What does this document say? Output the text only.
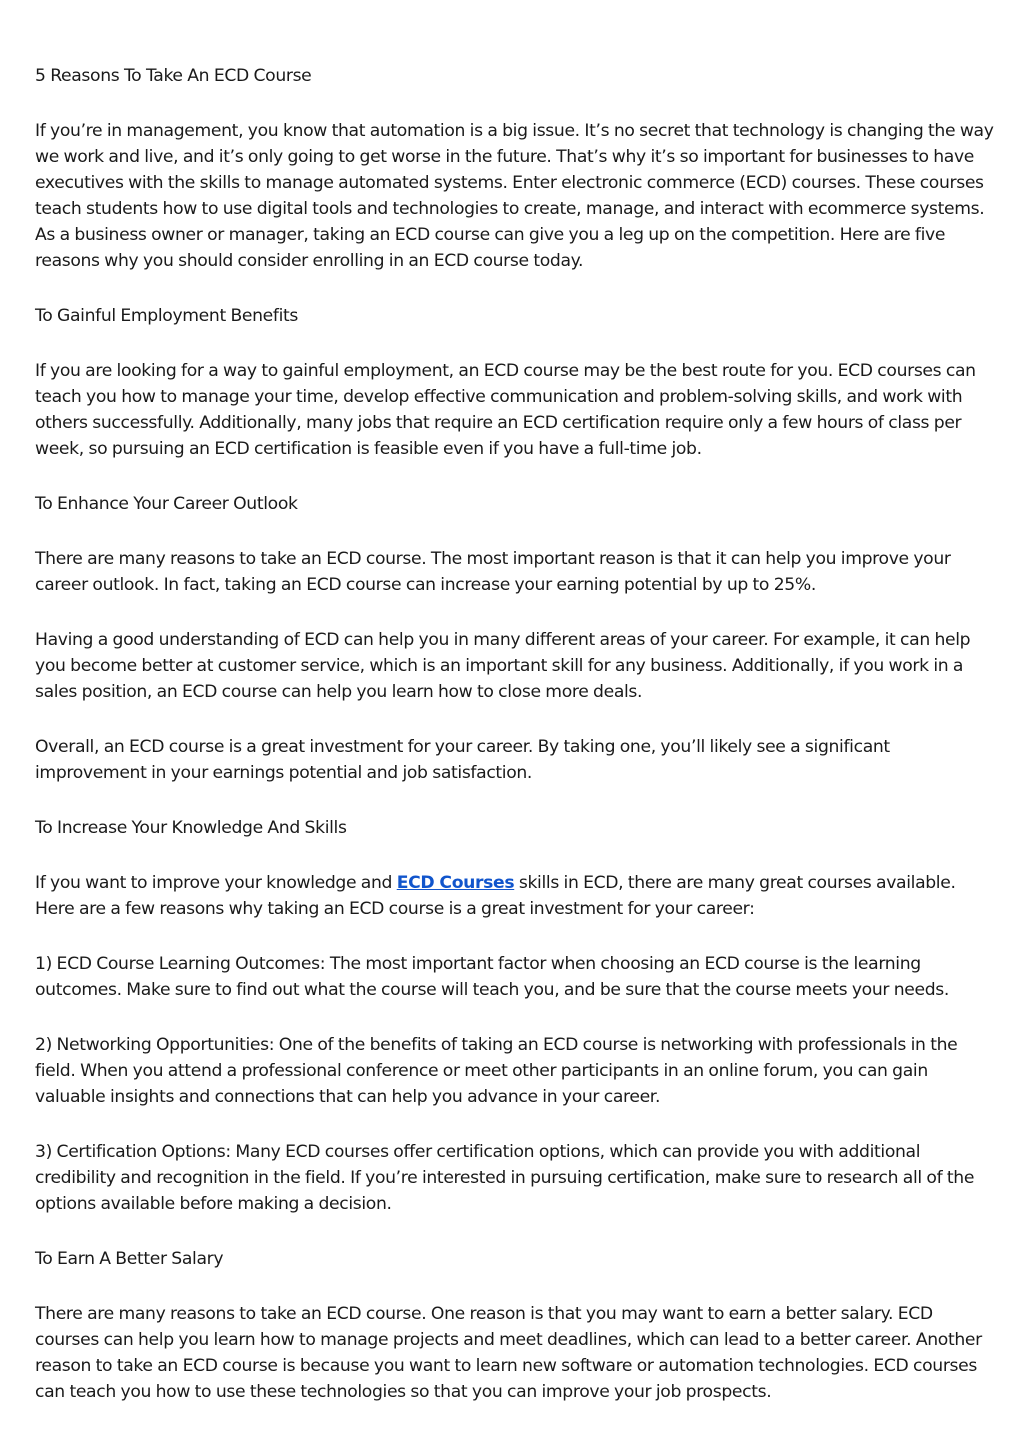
5 Reasons To Take An ECD Course

If you’re in management, you know that automation is a big issue. It’s no secret that technology is changing the way we work and live, and it’s only going to get worse in the future. That’s why it’s so important for businesses to have executives with the skills to manage automated systems. Enter electronic commerce (ECD) courses. These courses teach students how to use digital tools and technologies to create, manage, and interact with ecommerce systems. As a business owner or manager, taking an ECD course can give you a leg up on the competition. Here are five reasons why you should consider enrolling in an ECD course today.

To Gainful Employment Benefits

If you are looking for a way to gainful employment, an ECD course may be the best route for you. ECD courses can teach you how to manage your time, develop effective communication and problem-solving skills, and work with others successfully. Additionally, many jobs that require an ECD certification require only a few hours of class per week, so pursuing an ECD certification is feasible even if you have a full-time job.

To Enhance Your Career Outlook

There are many reasons to take an ECD course. The most important reason is that it can help you improve your career outlook. In fact, taking an ECD course can increase your earning potential by up to 25%.

Having a good understanding of ECD can help you in many different areas of your career. For example, it can help you become better at customer service, which is an important skill for any business. Additionally, if you work in a sales position, an ECD course can help you learn how to close more deals.

Overall, an ECD course is a great investment for your career. By taking one, you’ll likely see a significant improvement in your earnings potential and job satisfaction.

To Increase Your Knowledge And Skills

If you want to improve your knowledge and ECD Courses skills in ECD, there are many great courses available. Here are a few reasons why taking an ECD course is a great investment for your career:

1) ECD Course Learning Outcomes: The most important factor when choosing an ECD course is the learning outcomes. Make sure to find out what the course will teach you, and be sure that the course meets your needs.

2) Networking Opportunities: One of the benefits of taking an ECD course is networking with professionals in the field. When you attend a professional conference or meet other participants in an online forum, you can gain valuable insights and connections that can help you advance in your career.

3) Certification Options: Many ECD courses offer certification options, which can provide you with additional credibility and recognition in the field. If you’re interested in pursuing certification, make sure to research all of the options available before making a decision.

To Earn A Better Salary

There are many reasons to take an ECD course. One reason is that you may want to earn a better salary. ECD courses can help you learn how to manage projects and meet deadlines, which can lead to a better career. Another reason to take an ECD course is because you want to learn new software or automation technologies. ECD courses can teach you how to use these technologies so that you can improve your job prospects.
